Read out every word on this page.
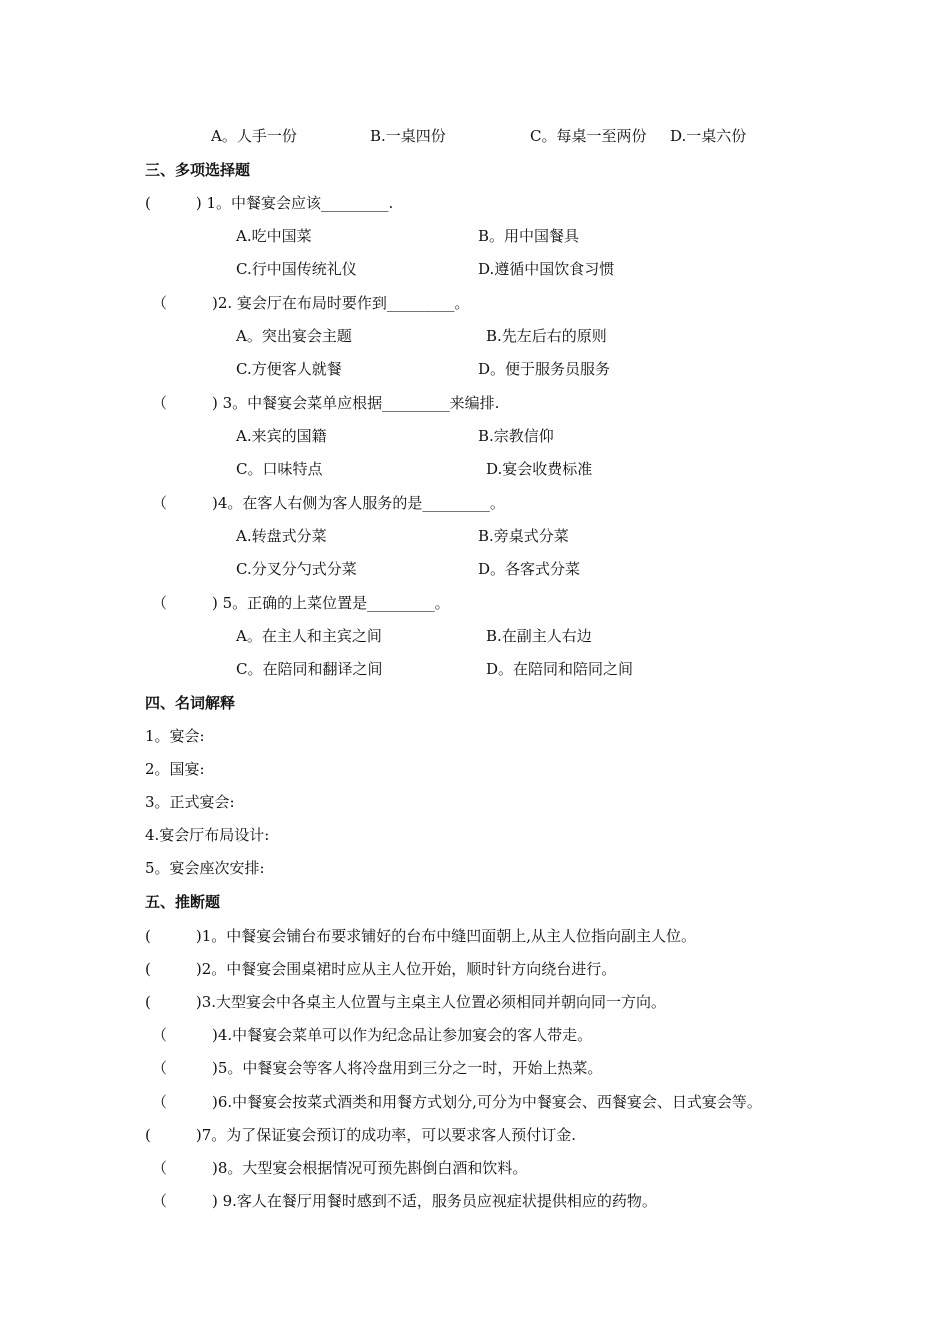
A。人手一份	B.一桌四份	C。每桌一至两份 D.一桌六份
三、多项选择题
(　　　) 1。中餐宴会应该_________.
A.吃中国菜	B。用中国餐具
C.行中国传统礼仪	D.遵循中国饮食习惯
（　　　)2. 宴会厅在布局时要作到_________。
A。突出宴会主题	B.先左后右的原则
C.方便客人就餐	D。便于服务员服务
（　　　) 3。中餐宴会菜单应根据_________来编排.
A.来宾的国籍	B.宗教信仰
C。口味特点	D.宴会收费标准
（　　　)4。在客人右侧为客人服务的是_________。
A.转盘式分菜	B.旁桌式分菜
C.分叉分勺式分菜	D。各客式分菜
（　　　) 5。正确的上菜位置是_________。
A。在主人和主宾之间	B.在副主人右边
C。在陪同和翻译之间	D。在陪同和陪同之间
四、名词解释
1。宴会:
2。国宴:
3。正式宴会:
4.宴会厅布局设计:
5。宴会座次安排:
五、推断题
(　　　)1。中餐宴会铺台布要求铺好的台布中缝凹面朝上,从主人位指向副主人位。
(　　　)2。中餐宴会围桌裙时应从主人位开始，顺时针方向绕台进行。
(　　　)3.大型宴会中各桌主人位置与主桌主人位置必须相同并朝向同一方向。
（　　　)4.中餐宴会菜单可以作为纪念品让参加宴会的客人带走。
（　　　)5。中餐宴会等客人将冷盘用到三分之一时，开始上热菜。
（　　　)6.中餐宴会按菜式酒类和用餐方式划分,可分为中餐宴会、西餐宴会、日式宴会等。
(　　　)7。为了保证宴会预订的成功率，可以要求客人预付订金.
（　　　)8。大型宴会根据情况可预先斟倒白酒和饮料。
（　　　) 9.客人在餐厅用餐时感到不适，服务员应视症状提供相应的药物。
